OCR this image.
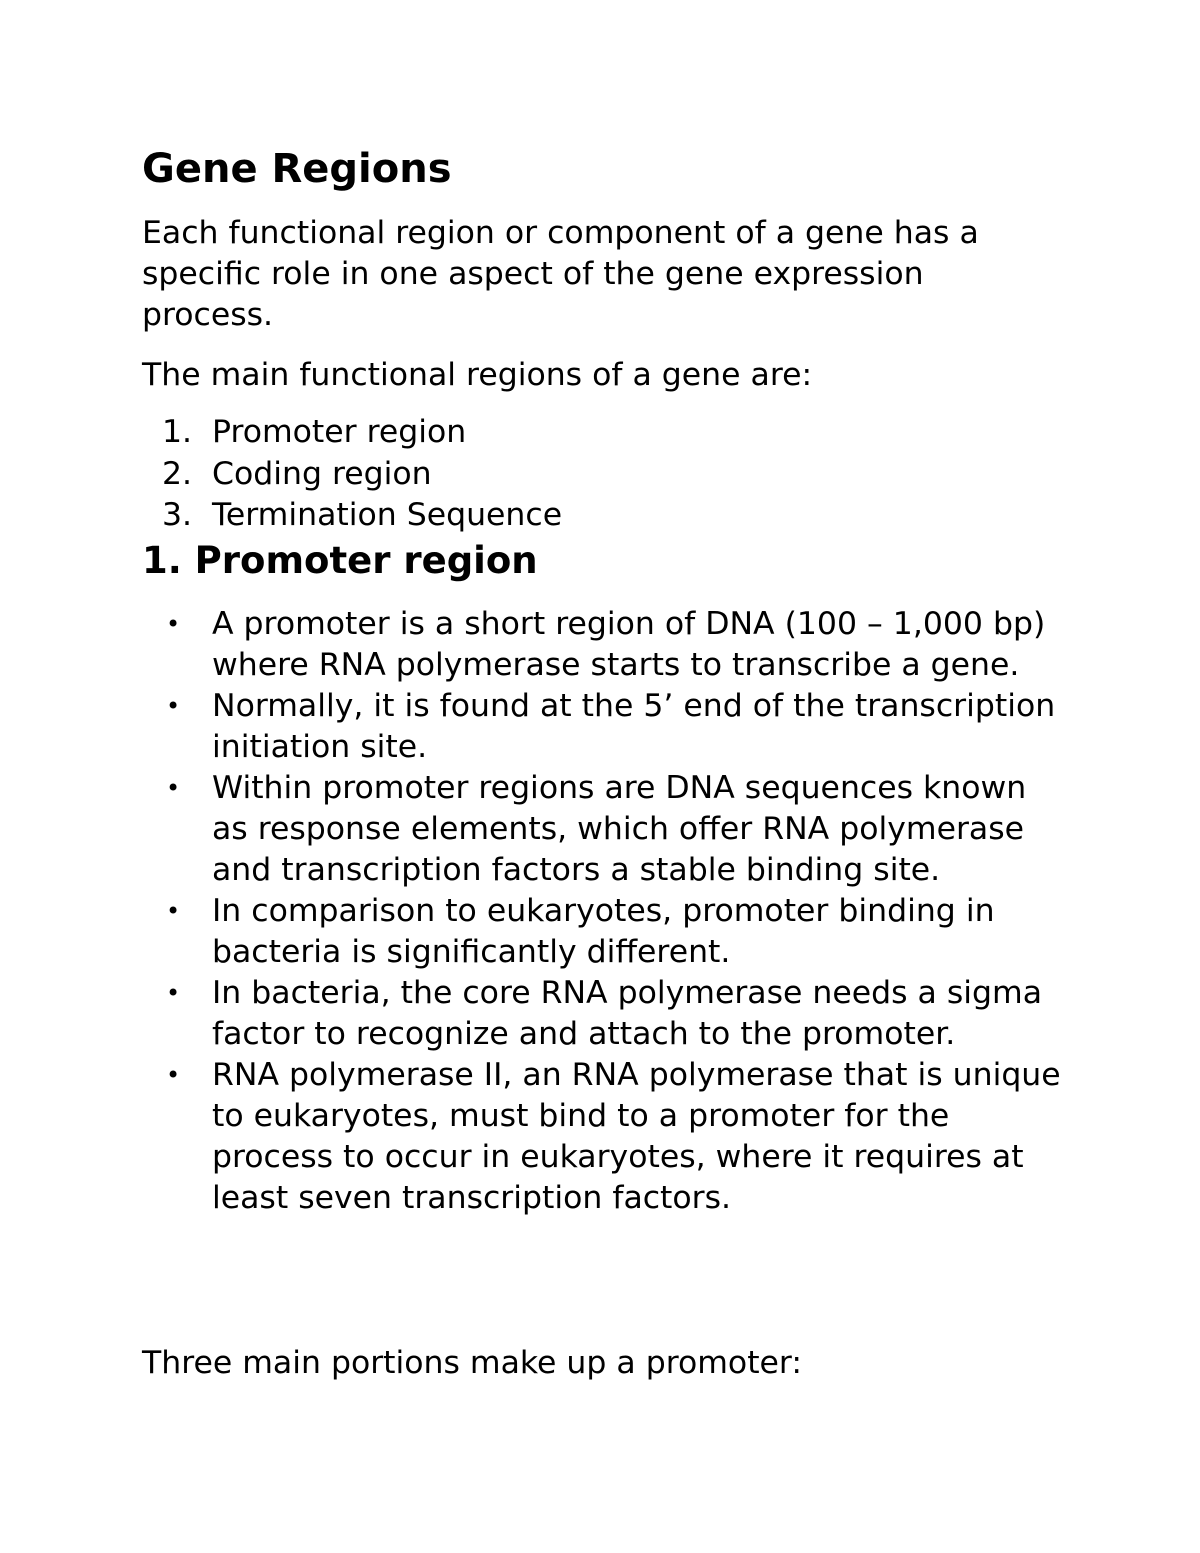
Gene Regions

Each functional region or component of a gene has a specific role in one aspect of the gene expression process.

The main functional regions of a gene are:

1. Promoter region
2. Coding region
3. Termination Sequence
1. Promoter region
• A promoter is a short region of DNA (100 – 1,000 bp) where RNA polymerase starts to transcribe a gene.
• Normally, it is found at the 5’ end of the transcription initiation site.
• Within promoter regions are DNA sequences known as response elements, which offer RNA polymerase and transcription factors a stable binding site.
• In comparison to eukaryotes, promoter binding in bacteria is significantly different.
• In bacteria, the core RNA polymerase needs a sigma factor to recognize and attach to the promoter.
• RNA polymerase II, an RNA polymerase that is unique to eukaryotes, must bind to a promoter for the process to occur in eukaryotes, where it requires at least seven transcription factors.

Three main portions make up a promoter:
